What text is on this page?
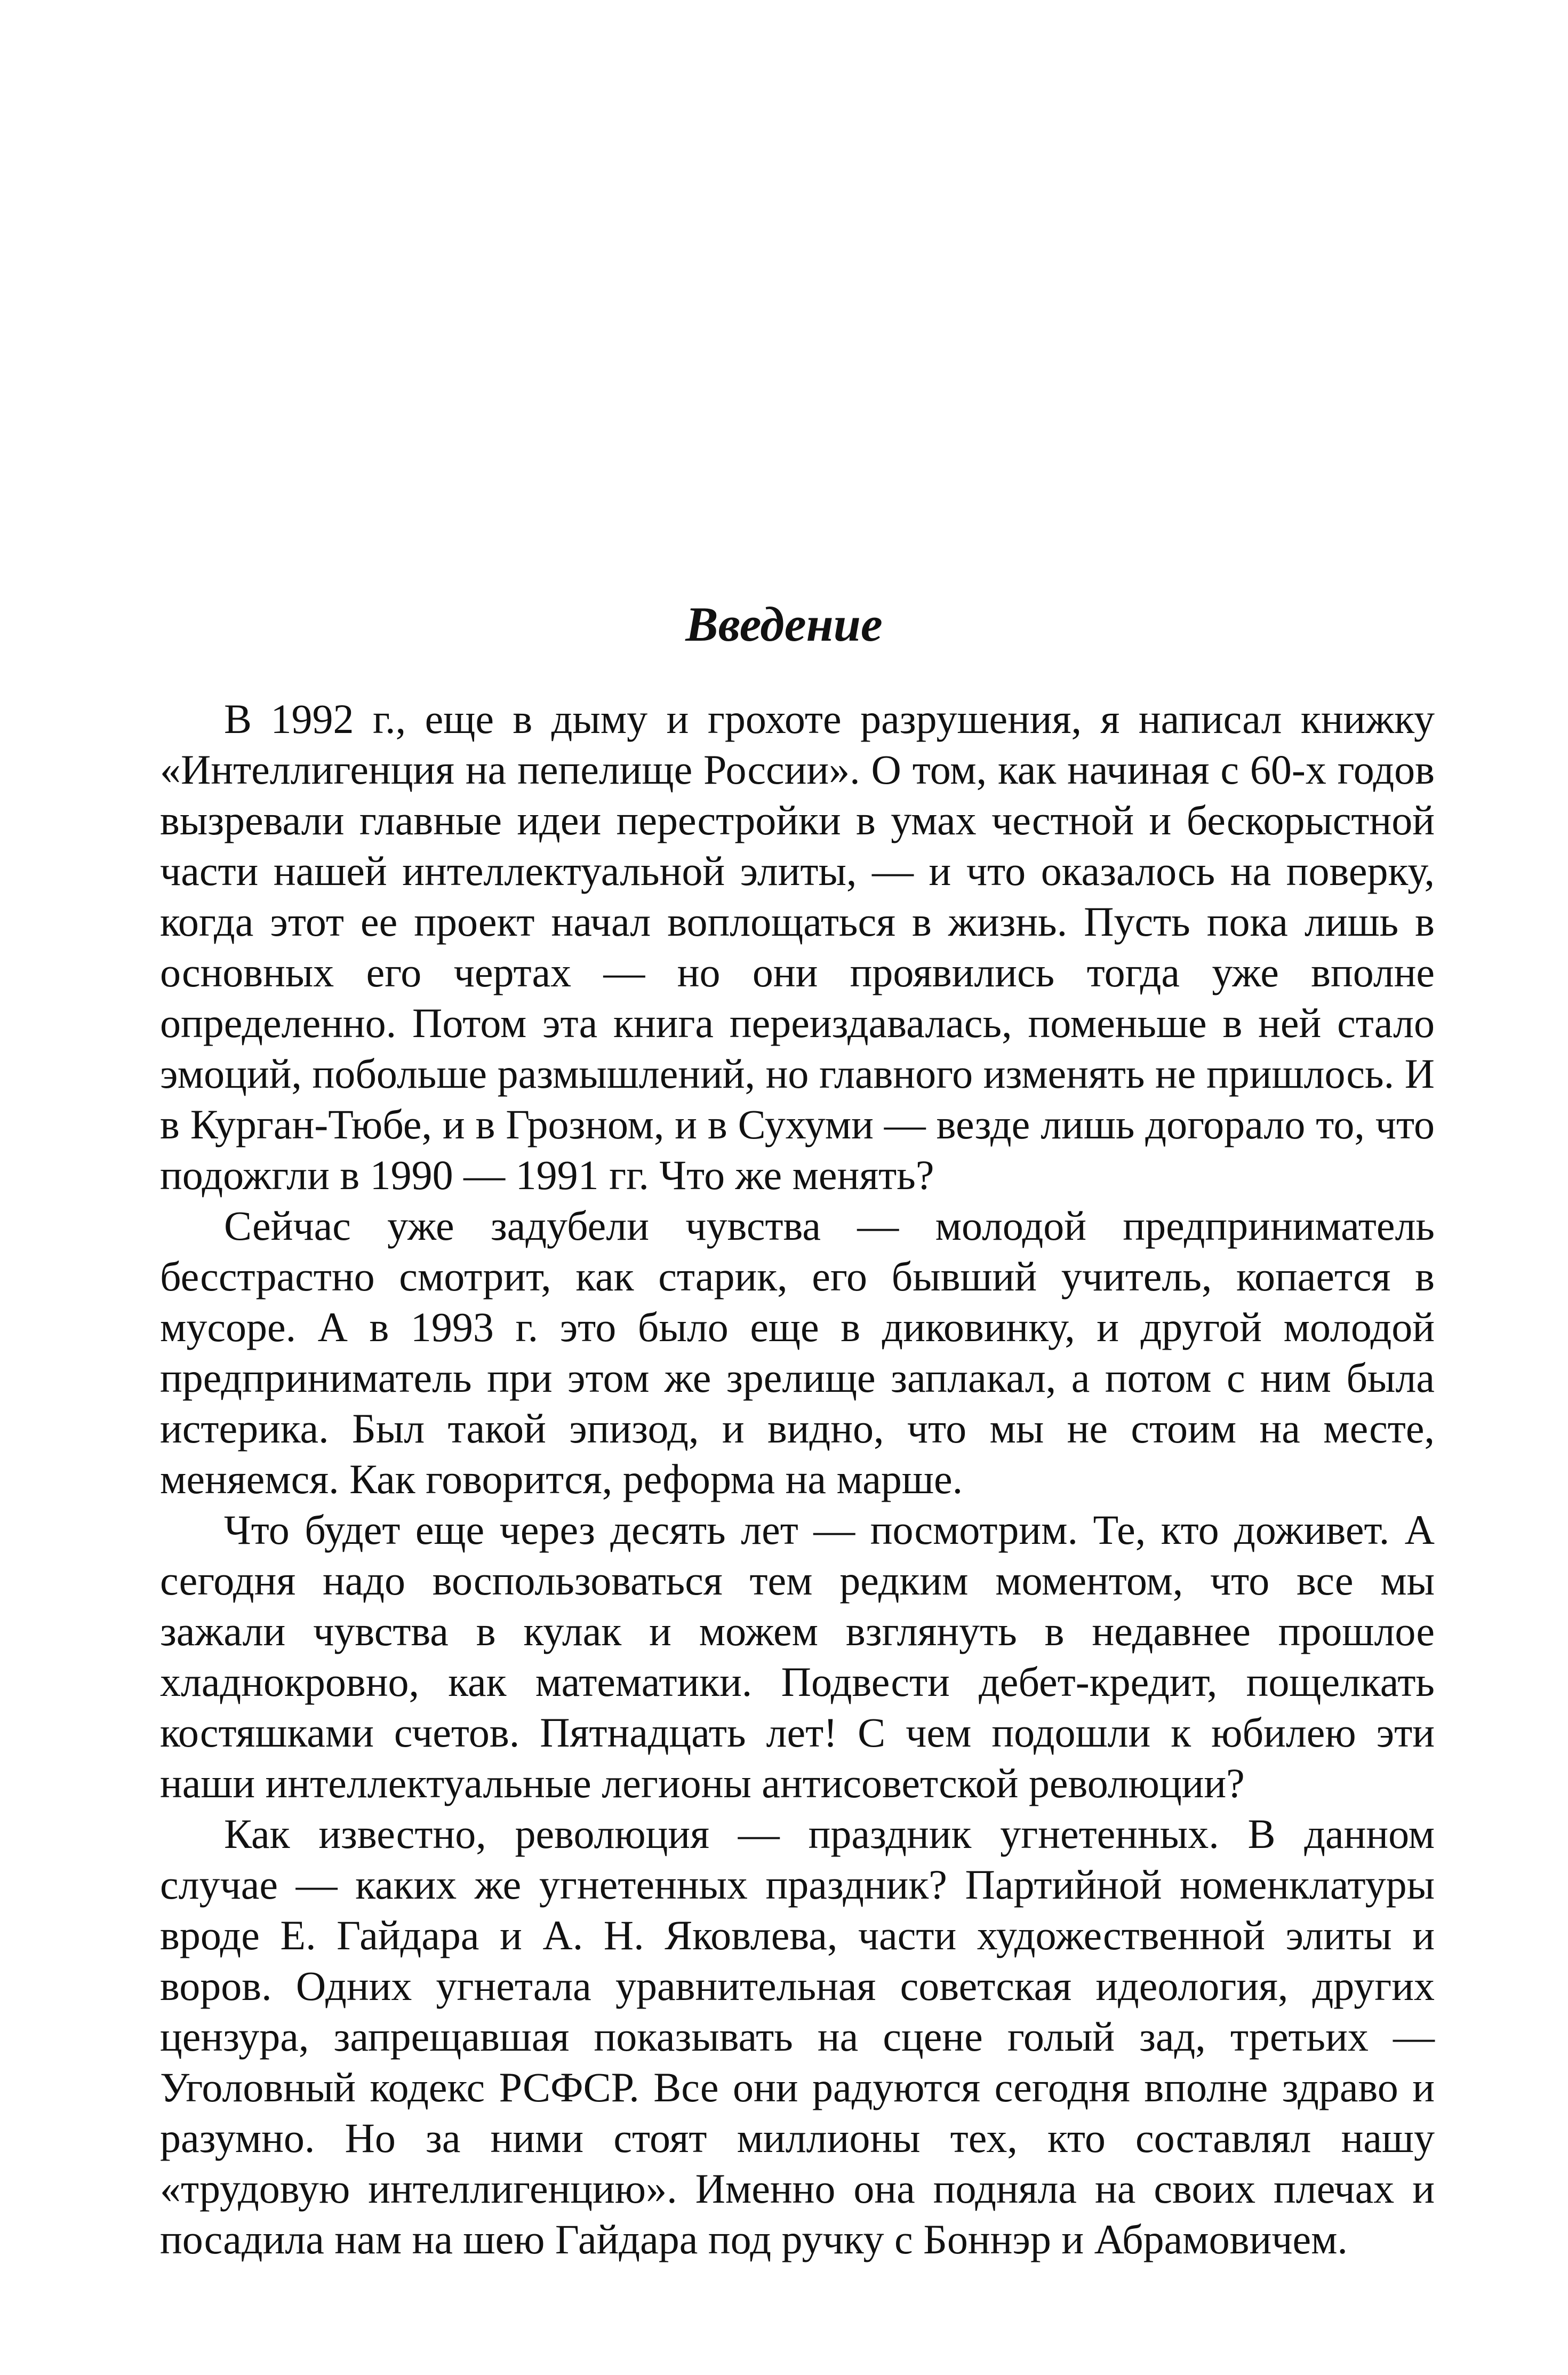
Введение

В 1992 г., еще в дыму и грохоте разрушения, я написал книжку «Интеллигенция на пепелище России». О том, как начиная с 60-х годов вызревали главные идеи перестройки в умах честной и бескорыстной части нашей интеллектуальной элиты, — и что оказалось на поверку, когда этот ее проект начал воплощаться в жизнь. Пусть пока лишь в основных его чертах — но они проявились тогда уже вполне определенно. Потом эта книга переиздавалась, поменьше в ней стало эмоций, побольше размышлений, но главного изменять не пришлось. И в Курган-Тюбе, и в Грозном, и в Сухуми — везде лишь догорало то, что подожгли в 1990 — 1991 гг. Что же менять?

Сейчас уже задубели чувства — молодой предприниматель бесстрастно смотрит, как старик, его бывший учитель, копается в мусоре. А в 1993 г. это было еще в диковинку, и другой молодой предприниматель при этом же зрелище заплакал, а потом с ним была истерика. Был такой эпизод, и видно, что мы не стоим на месте, меняемся. Как говорится, реформа на марше.

Что будет еще через десять лет — посмотрим. Те, кто доживет. А сегодня надо воспользоваться тем редким моментом, что все мы зажали чувства в кулак и можем взглянуть в недавнее прошлое хладнокровно, как математики. Подвести дебет-кредит, пощелкать костяшками счетов. Пятнадцать лет! С чем подошли к юбилею эти наши интеллектуальные легионы антисоветской революции?

Как известно, революция — праздник угнетенных. В данном случае — каких же угнетенных праздник? Партийной номенклатуры вроде Е. Гайдара и А. Н. Яковлева, части художественной элиты и воров. Одних угнетала уравнительная советская идеология, других цензура, запрещавшая показывать на сцене голый зад, третьих — Уголовный кодекс РСФСР. Все они радуются сегодня вполне здраво и разумно. Но за ними стоят миллионы тех, кто составлял нашу «трудовую интеллигенцию». Именно она подняла на своих плечах и посадила нам на шею Гайдара под ручку с Боннэр и Абрамовичем.
